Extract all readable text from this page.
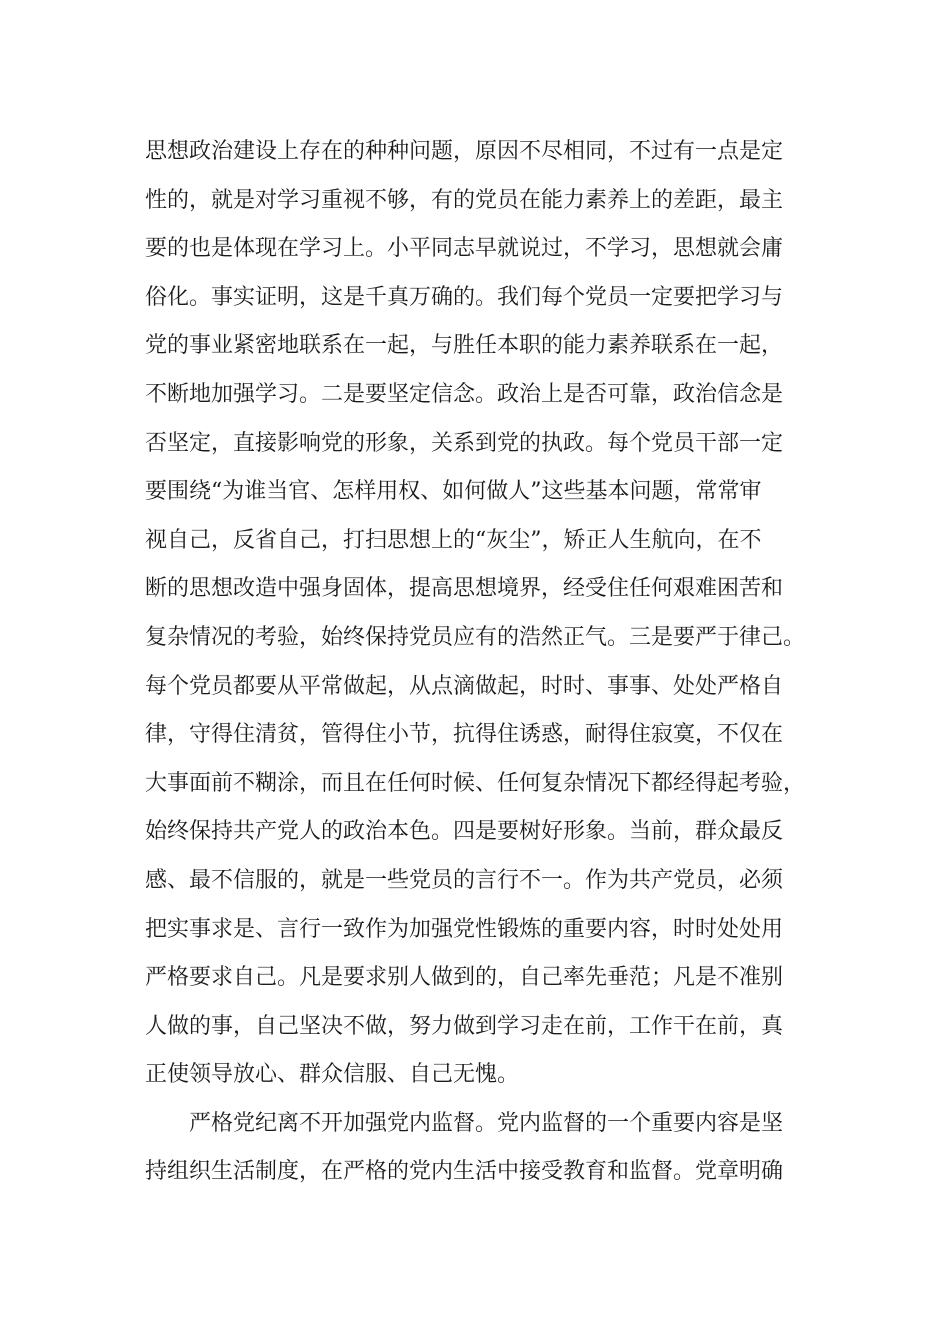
思想政治建设上存在的种种问题，原因不尽相同，不过有一点是定
性的，就是对学习重视不够，有的党员在能力素养上的差距，最主
要的也是体现在学习上。小平同志早就说过，不学习，思想就会庸
俗化。事实证明，这是千真万确的。我们每个党员一定要把学习与
党的事业紧密地联系在一起，与胜任本职的能力素养联系在一起，
不断地加强学习。二是要坚定信念。政治上是否可靠，政治信念是
否坚定，直接影响党的形象，关系到党的执政。每个党员干部一定
要围绕“为谁当官、怎样用权、如何做人”这些基本问题，常常审
视自己，反省自己，打扫思想上的“灰尘”，矫正人生航向，在不
断的思想改造中强身固体，提高思想境界，经受住任何艰难困苦和
复杂情况的考验，始终保持党员应有的浩然正气。三是要严于律己。
每个党员都要从平常做起，从点滴做起，时时、事事、处处严格自
律，守得住清贫，管得住小节，抗得住诱惑，耐得住寂寞，不仅在
大事面前不糊涂，而且在任何时候、任何复杂情况下都经得起考验，
始终保持共产党人的政治本色。四是要树好形象。当前，群众最反
感、最不信服的，就是一些党员的言行不一。作为共产党员，必须
把实事求是、言行一致作为加强党性锻炼的重要内容，时时处处用
严格要求自己。凡是要求别人做到的，自己率先垂范；凡是不准别
人做的事，自己坚决不做，努力做到学习走在前，工作干在前，真
正使领导放心、群众信服、自己无愧。
严格党纪离不开加强党内监督。党内监督的一个重要内容是坚
持组织生活制度，在严格的党内生活中接受教育和监督。党章明确
